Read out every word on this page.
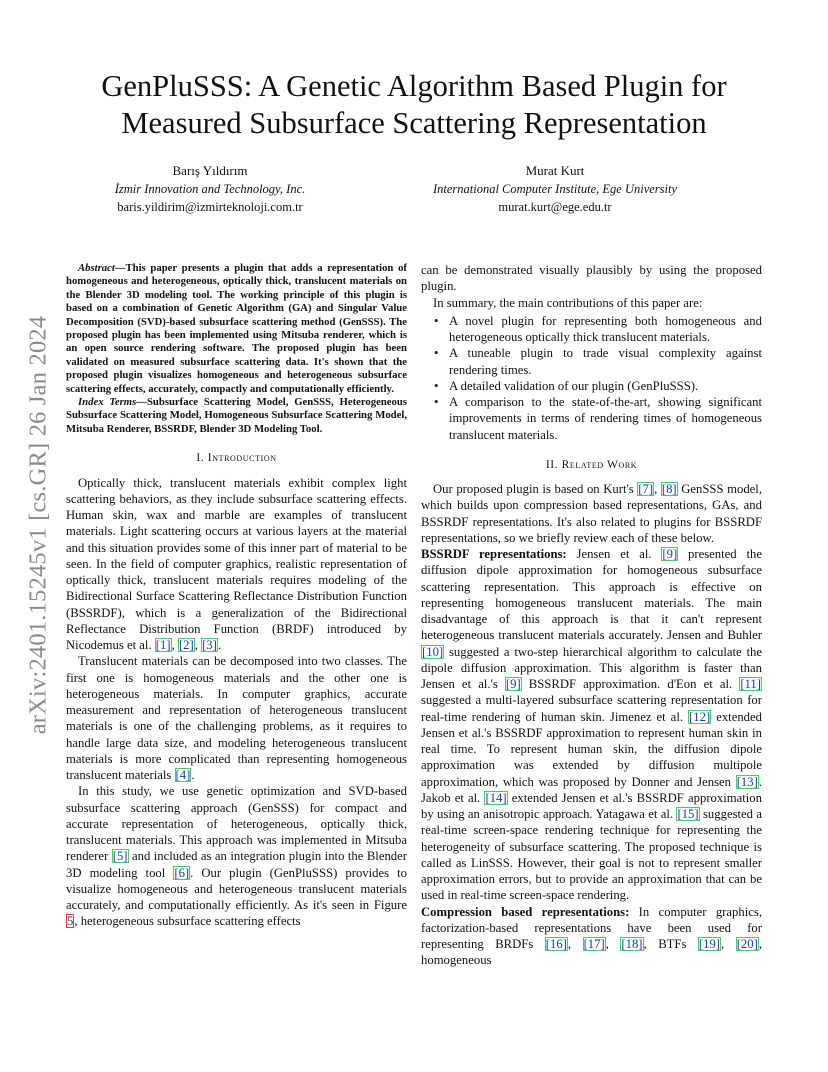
arXiv:2401.15245v1 [cs.GR] 26 Jan 2024
GenPluSSS: A Genetic Algorithm Based Plugin for
Measured Subsurface Scattering Representation
Barış Yıldırım
İzmir Innovation and Technology, Inc.
baris.yildirim@izmirteknoloji.com.tr
Murat Kurt
International Computer Institute, Ege University
murat.kurt@ege.edu.tr

Abstract—This paper presents a plugin that adds a representation of homogeneous and heterogeneous, optically thick, translucent materials on the Blender 3D modeling tool. The working principle of this plugin is based on a combination of Genetic Algorithm (GA) and Singular Value Decomposition (SVD)-based subsurface scattering method (GenSSS). The proposed plugin has been implemented using Mitsuba renderer, which is an open source rendering software. The proposed plugin has been validated on measured subsurface scattering data. It's shown that the proposed plugin visualizes homogeneous and heterogeneous subsurface scattering effects, accurately, compactly and computationally efficiently.

Index Terms—Subsurface Scattering Model, GenSSS, Heterogeneous Subsurface Scattering Model, Homogeneous Subsurface Scattering Model, Mitsuba Renderer, BSSRDF, Blender 3D Modeling Tool.

I. Introduction

Optically thick, translucent materials exhibit complex light scattering behaviors, as they include subsurface scattering effects. Human skin, wax and marble are examples of translucent materials. Light scattering occurs at various layers at the material and this situation provides some of this inner part of material to be seen. In the field of computer graphics, realistic representation of optically thick, translucent materials requires modeling of the Bidirectional Surface Scattering Reflectance Distribution Function (BSSRDF), which is a generalization of the Bidirectional Reflectance Distribution Function (BRDF) introduced by Nicodemus et al. [1], [2], [3].

Translucent materials can be decomposed into two classes. The first one is homogeneous materials and the other one is heterogeneous materials. In computer graphics, accurate measurement and representation of heterogeneous translucent materials is one of the challenging problems, as it requires to handle large data size, and modeling heterogeneous translucent materials is more complicated than representing homogeneous translucent materials [4].

In this study, we use genetic optimization and SVD-based subsurface scattering approach (GenSSS) for compact and accurate representation of heterogeneous, optically thick, translucent materials. This approach was implemented in Mitsuba renderer [5] and included as an integration plugin into the Blender 3D modeling tool [6]. Our plugin (GenPluSSS) provides to visualize homogeneous and heterogeneous translucent materials accurately, and computationally efficiently. As it's seen in Figure 5, heterogeneous subsurface scattering effects

can be demonstrated visually plausibly by using the proposed plugin.

In summary, the main contributions of this paper are:

• A novel plugin for representing both homogeneous and heterogeneous optically thick translucent materials.
• A tuneable plugin to trade visual complexity against rendering times.
• A detailed validation of our plugin (GenPluSSS).
• A comparison to the state-of-the-art, showing significant improvements in terms of rendering times of homogeneous translucent materials.
II. Related Work

Our proposed plugin is based on Kurt's [7], [8] GenSSS model, which builds upon compression based representations, GAs, and BSSRDF representations. It's also related to plugins for BSSRDF representations, so we briefly review each of these below.

BSSRDF representations: Jensen et al. [9] presented the diffusion dipole approximation for homogeneous subsurface scattering representation. This approach is effective on representing homogeneous translucent materials. The main disadvantage of this approach is that it can't represent heterogeneous translucent materials accurately. Jensen and Buhler [10] suggested a two-step hierarchical algorithm to calculate the dipole diffusion approximation. This algorithm is faster than Jensen et al.'s [9] BSSRDF approximation. d'Eon et al. [11] suggested a multi-layered subsurface scattering representation for real-time rendering of human skin. Jimenez et al. [12] extended Jensen et al.'s BSSRDF approximation to represent human skin in real time. To represent human skin, the diffusion dipole approximation was extended by diffusion multipole approximation, which was proposed by Donner and Jensen [13]. Jakob et al. [14] extended Jensen et al.'s BSSRDF approximation by using an anisotropic approach. Yatagawa et al. [15] suggested a real-time screen-space rendering technique for representing the heterogeneity of subsurface scattering. The proposed technique is called as LinSSS. However, their goal is not to represent smaller approximation errors, but to provide an approximation that can be used in real-time screen-space rendering.

Compression based representations: In computer graphics, factorization-based representations have been used for representing BRDFs [16], [17], [18], BTFs [19], [20], homogeneous
